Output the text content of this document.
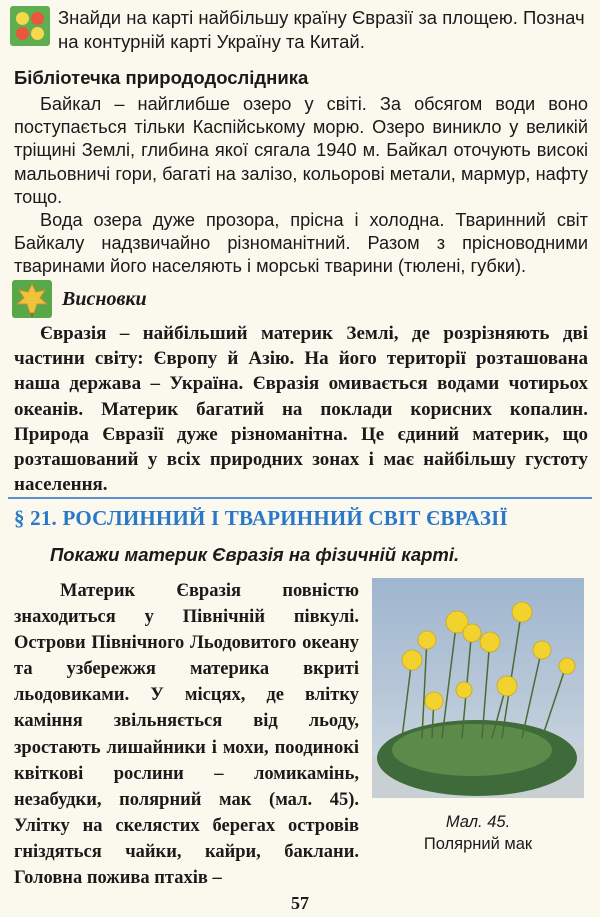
Знайди на карті найбільшу країну Євразії за площею. Познач на контурній карті Україну та Китай.
Бібліотечка природодослідника

Байкал – найглибше озеро у світі. За обсягом води воно поступається тільки Каспійському морю. Озеро виникло у великій тріщині Землі, глибина якої сягала 1940 м. Байкал оточують високі мальовничі гори, багаті на залізо, кольорові метали, мармур, нафту тощо.

Вода озера дуже прозора, прісна і холодна. Тваринний світ Байкалу надзвичайно різноманітний. Разом з прісноводними тваринами його населяють і морські тварини (тюлені, губки).

Висновки

Євразія – найбільший материк Землі, де розрізняють дві частини світу: Європу й Азію. На його території розташована наша держава – Україна. Євразія омивається водами чотирьох океанів. Материк багатий на поклади корисних копалин. Природа Євразії дуже різноманітна. Це єдиний материк, що розташований у всіх природних зонах і має найбільшу густоту населення.

§ 21. РОСЛИННИЙ І ТВАРИННИЙ СВІТ ЄВРАЗІЇ
Покажи материк Євразія на фізичній карті.

Материк Євразія повністю знаходиться у Північній півкулі. Острови Північного Льодовитого океану та узбережжя материка вкриті льодовиками. У місцях, де влітку каміння звільняється від льоду, зростають лишайники і мохи, поодинокі квіткові рослини – ломикамінь, незабудки, полярний мак (мал. 45). Улітку на скелястих берегах островів гніздяться чайки, кайри, баклани. Головна пожива птахів –

Мал. 45.
Полярний мак
57
